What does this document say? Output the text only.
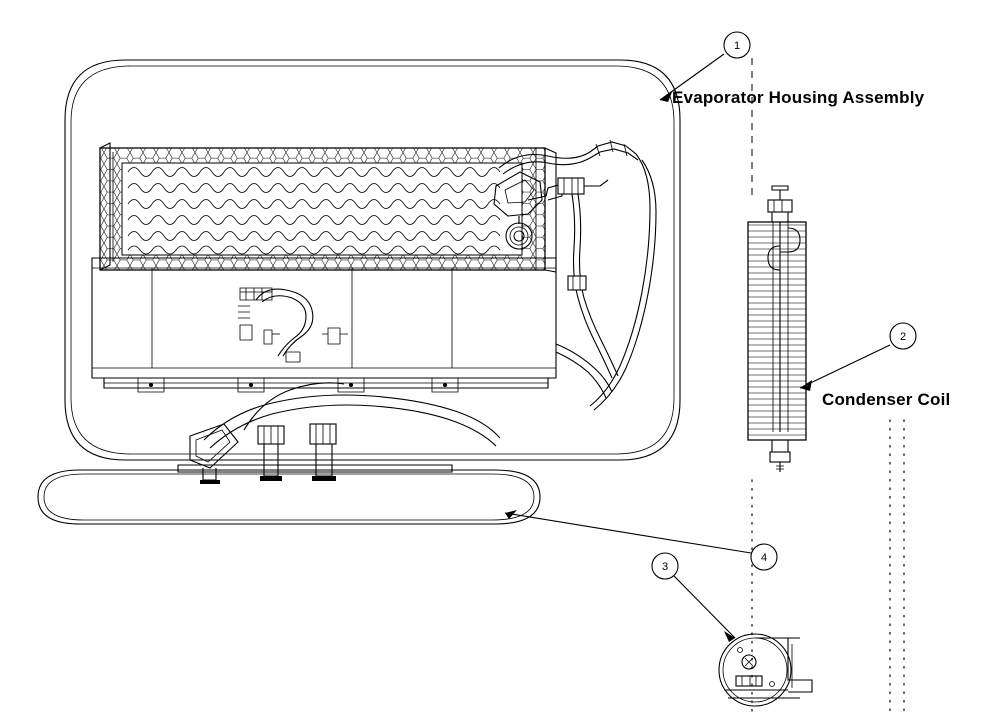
1
2
3
4
Evaporator Housing Assembly
Condenser Coil
